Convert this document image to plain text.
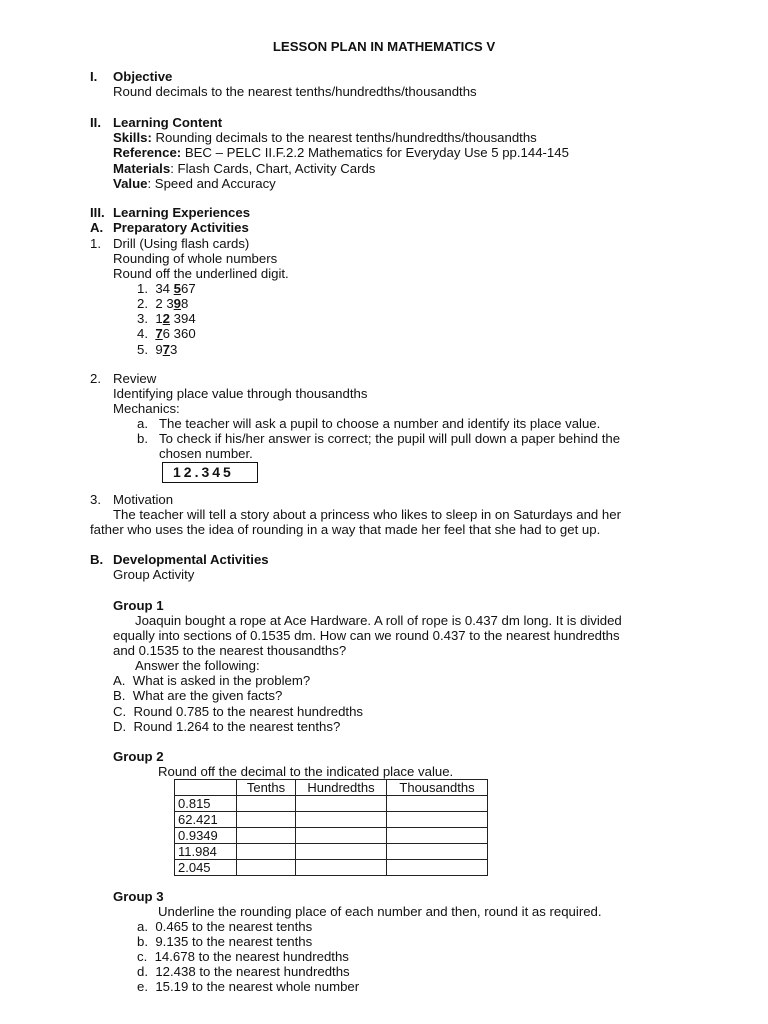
LESSON PLAN IN MATHEMATICS V
I. Objective
Round decimals to the nearest tenths/hundredths/thousandths
II. Learning Content
Skills: Rounding decimals to the nearest tenths/hundredths/thousandths
Reference: BEC – PELC II.F.2.2 Mathematics for Everyday Use 5 pp.144-145
Materials: Flash Cards, Chart, Activity Cards
Value: Speed and Accuracy
III. Learning Experiences
A. Preparatory Activities
1. Drill (Using flash cards)
Rounding of whole numbers
Round off the underlined digit.
1. 34 567
2. 2 398
3. 12 394
4. 76 360
5. 973
2. Review
Identifying place value through thousandths
Mechanics:
a. The teacher will ask a pupil to choose a number and identify its place value.
b. To check if his/her answer is correct; the pupil will pull down a paper behind the
chosen number.
12.345
3. Motivation
The teacher will tell a story about a princess who likes to sleep in on Saturdays and her
father who uses the idea of rounding in a way that made her feel that she had to get up.
B. Developmental Activities
Group Activity
Group 1
Joaquin bought a rope at Ace Hardware. A roll of rope is 0.437 dm long. It is divided
equally into sections of 0.1535 dm. How can we round 0.437 to the nearest hundredths
and 0.1535 to the nearest thousandths?
Answer the following:
A. What is asked in the problem?
B. What are the given facts?
C. Round 0.785 to the nearest hundredths
D. Round 1.264 to the nearest tenths?
Group 2
Round off the decimal to the indicated place value.
	Tenths	Hundredths	Thousandths
0.815			
62.421			
0.9349			
11.984			
2.045			
Group 3
Underline the rounding place of each number and then, round it as required.
a. 0.465 to the nearest tenths
b. 9.135 to the nearest tenths
c. 14.678 to the nearest hundredths
d. 12.438 to the nearest hundredths
e. 15.19 to the nearest whole number
